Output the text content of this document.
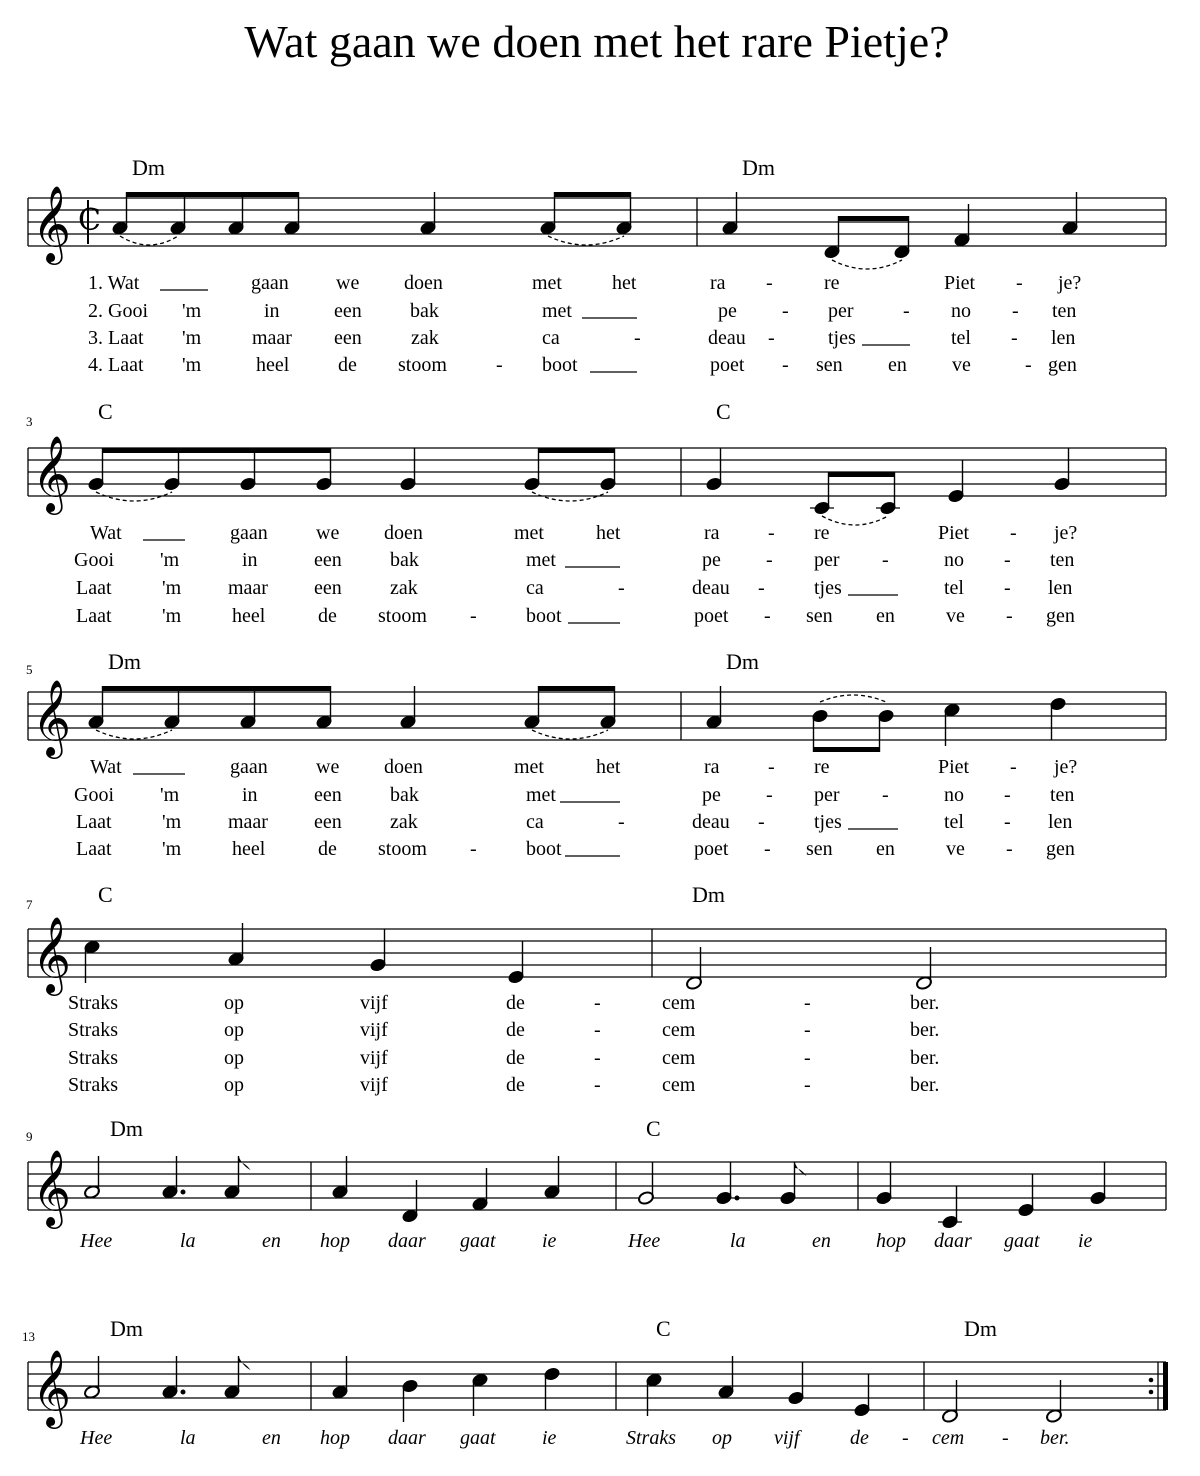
Wat gaan we doen met het rare Pietje?
𝄞 C
Dm	Dm
1. Wat	gaan we doen	met	het	ra -	re	Piet - je?
2. Gooi 'm	in	een bak	met	pe - per - no - ten
3. Laat 'm	maar een zak	ca	-	deau -	tjes	tel - len
4. Laat 'm	heel de stoom - boot	poet - sen en ve	- gen
𝄞
3	C	C
Wat	gaan we doen	met	het	ra - re	Piet - je?
Gooi 'm	in	een bak	met	pe - per -	no - ten
Laat	'm maar een zak	ca	-	deau - tjes	tel - len
Laat	'm	heel	de stoom - boot	poet - sen en	ve - gen
𝄞
5	Dm	Dm
Wat	gaan we doen	met	het	ra - re	Piet - je?
Gooi 'm	in	een bak	met	pe - per -	no - ten
Laat	'm maar een zak	ca	-	deau - tjes	tel - len
Laat	'm	heel	de stoom - boot	poet - sen en	ve - gen
𝄞
7	C	Dm
Straks	op	vijf	de	-	cem	-	ber.
Straks	op	vijf	de	-	cem	-	ber.
Straks	op	vijf	de	-	cem	-	ber.
Straks	op	vijf	de	-	cem	-	ber.
𝄞
9	Dm	C
Hee	la	en hop daar gaat ie	Hee	la	en hop daar gaat ie
𝄞
13	Dm	C	Dm
Hee	la	en hop daar gaat ie	Straks op vijf	de - cem - ber.
